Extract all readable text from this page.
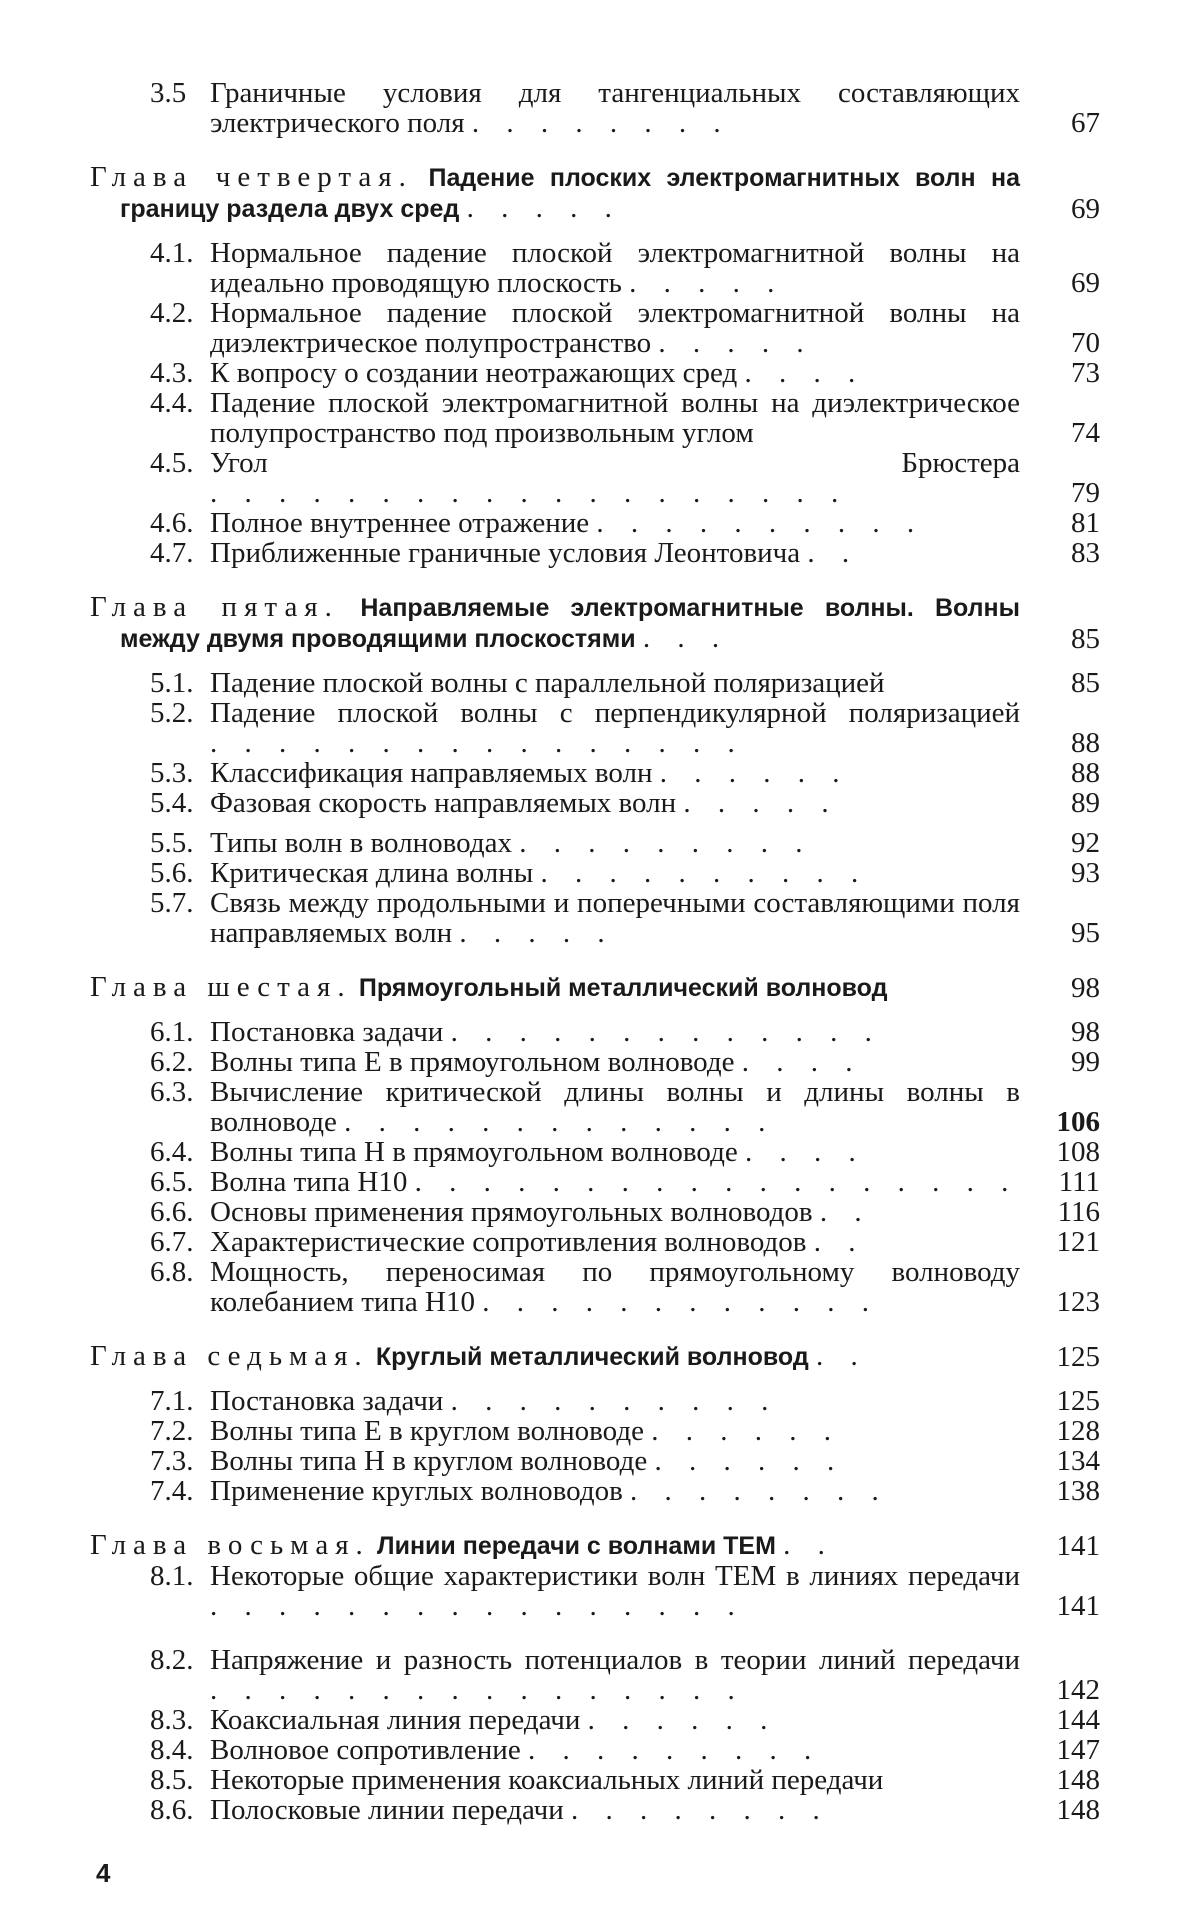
3.5 Граничные условия для тангенциальных составляющих электрического поля . . . . . . . .	67
Глава четвертая. Падение плоских электромагнитных волн на границу раздела двух сред . . . . .	69
4.1. Нормальное падение плоской электромагнитной волны на идеально проводящую плоскость . . . . .	69
4.2. Нормальное падение плоской электромагнитной волны на диэлектрическое полупространство . . . . .	70
4.3. К вопросу о создании неотражающих сред . . . .	73
4.4. Падение плоской электромагнитной волны на диэлектрическое полупространство под произвольным углом	74
4.5. Угол Брюстера . . . . . . . . . . . . . . . . . . .	79
4.6. Полное внутреннее отражение . . . . . . . . . .	81
4.7. Приближенные граничные условия Леонтовича . .	83
Глава пятая. Направляемые электромагнитные волны. Волны между двумя проводящими плоскостями . . .	85
5.1. Падение плоской волны с параллельной поляризацией	85
5.2. Падение плоской волны с перпендикулярной поляризацией . . . . . . . . . . . . . . . .	88
5.3. Классификация направляемых волн . . . . . .	88
5.4. Фазовая скорость направляемых волн . . . . .	89
5.5. Типы волн в волноводах . . . . . . . . .	92
5.6. Критическая длина волны . . . . . . . . . .	93
5.7. Связь между продольными и поперечными составляющими поля направляемых волн . . . . .	95
Глава шестая. Прямоугольный металлический волновод	98
6.1. Постановка задачи . . . . . . . . . . . . .	98
6.2. Волны типа E в прямоугольном волноводе . . . .	99
6.3. Вычисление критической длины волны и длины волны в волноводе . . . . . . . . . . . . .	106
6.4. Волны типа H в прямоугольном волноводе . . . .	108
6.5. Волна типа H10 . . . . . . . . . . . . . . . . . .	111
6.6. Основы применения прямоугольных волноводов . .	116
6.7. Характеристические сопротивления волноводов . .	121
6.8. Мощность, переносимая по прямоугольному волноводу колебанием типа H10 . . . . . . . . . . . .	123
Глава седьмая. Круглый металлический волновод . .	125
7.1. Постановка задачи . . . . . . . . . .	125
7.2. Волны типа E в круглом волноводе . . . . . .	128
7.3. Волны типа H в круглом волноводе . . . . . .	134
7.4. Применение круглых волноводов . . . . . . . .	138
Глава восьмая. Линии передачи с волнами ТЕМ . .	141
8.1. Некоторые общие характеристики волн ТЕМ в линиях передачи . . . . . . . . . . . . . . . .	141
8.2. Напряжение и разность потенциалов в теории линий передачи . . . . . . . . . . . . . . . .	142
8.3. Коаксиальная линия передачи . . . . . .	144
8.4. Волновое сопротивление . . . . . . . . .	147
8.5. Некоторые применения коаксиальных линий передачи	148
8.6. Полосковые линии передачи . . . . . . . .	148
4
